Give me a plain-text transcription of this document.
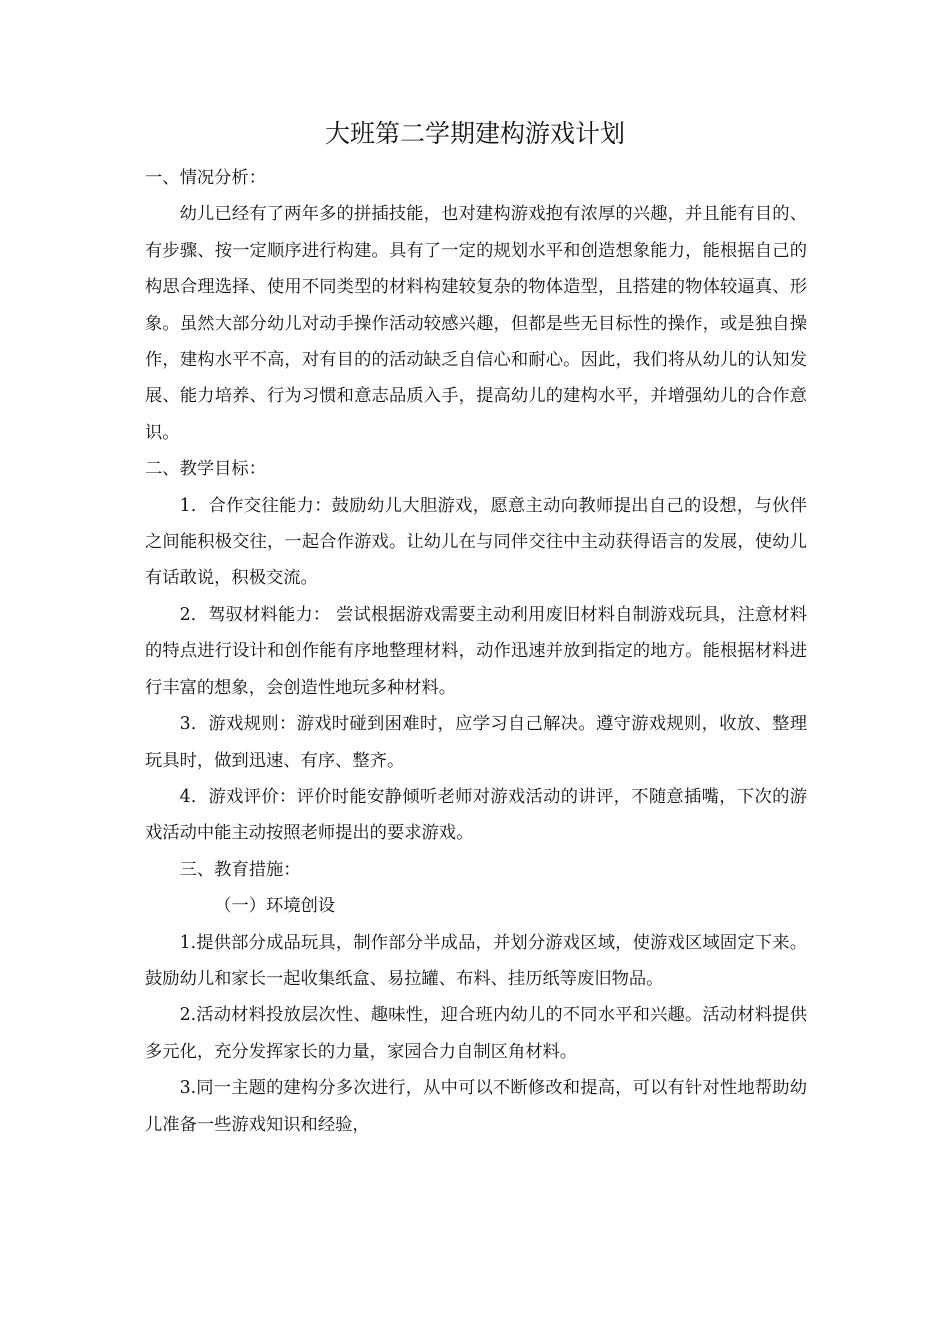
大班第二学期建构游戏计划

一、情况分析：

幼儿已经有了两年多的拼插技能，也对建构游戏抱有浓厚的兴趣，并且能有目的、有步骤、按一定顺序进行构建。具有了一定的规划水平和创造想象能力，能根据自己的构思合理选择、使用不同类型的材料构建较复杂的物体造型，且搭建的物体较逼真、形象。虽然大部分幼儿对动手操作活动较感兴趣，但都是些无目标性的操作，或是独自操作，建构水平不高，对有目的的活动缺乏自信心和耐心。因此，我们将从幼儿的认知发展、能力培养、行为习惯和意志品质入手，提高幼儿的建构水平，并增强幼儿的合作意识。

二、教学目标：

1．合作交往能力：鼓励幼儿大胆游戏，愿意主动向教师提出自己的设想，与伙伴之间能积极交往，一起合作游戏。让幼儿在与同伴交往中主动获得语言的发展，使幼儿有话敢说，积极交流。

2．驾驭材料能力： 尝试根据游戏需要主动利用废旧材料自制游戏玩具，注意材料的特点进行设计和创作能有序地整理材料，动作迅速并放到指定的地方。能根据材料进行丰富的想象，会创造性地玩多种材料。

3．游戏规则：游戏时碰到困难时，应学习自己解决。遵守游戏规则，收放、整理玩具时，做到迅速、有序、整齐。

4．游戏评价：评价时能安静倾听老师对游戏活动的讲评，不随意插嘴，下次的游戏活动中能主动按照老师提出的要求游戏。

三、教育措施：

（一）环境创设

1.提供部分成品玩具，制作部分半成品，并划分游戏区域，使游戏区域固定下来。鼓励幼儿和家长一起收集纸盒、易拉罐、布料、挂历纸等废旧物品。

2.活动材料投放层次性、趣味性，迎合班内幼儿的不同水平和兴趣。活动材料提供多元化，充分发挥家长的力量，家园合力自制区角材料。

3.同一主题的建构分多次进行，从中可以不断修改和提高，可以有针对性地帮助幼儿准备一些游戏知识和经验，
